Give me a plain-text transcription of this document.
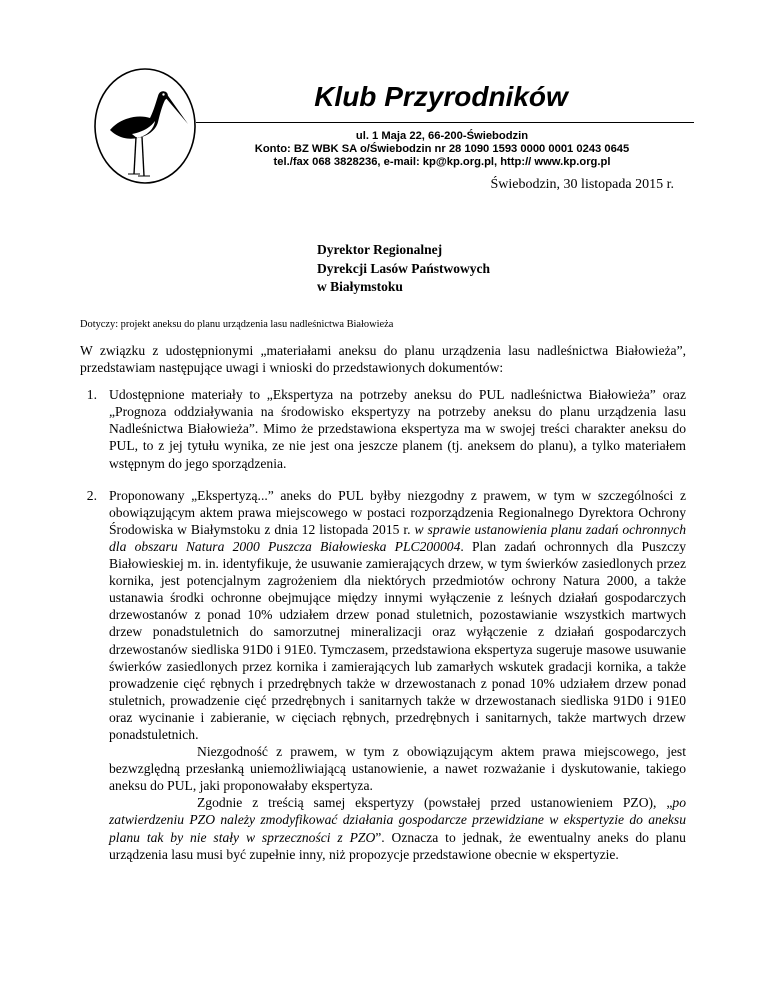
Klub Przyrodników
ul. 1 Maja 22, 66-200-Świebodzin
Konto: BZ WBK SA o/Świebodzin nr 28 1090 1593 0000 0001 0243 0645
tel./fax 068 3828236, e-mail: kp@kp.org.pl, http:// www.kp.org.pl
Świebodzin, 30 listopada 2015 r.
Dyrektor Regionalnej
Dyrekcji Lasów Państwowych
w Białymstoku
Dotyczy: projekt aneksu do planu urządzenia lasu nadleśnictwa Białowieża

W związku z udostępnionymi „materiałami aneksu do planu urządzenia lasu nadleśnictwa Białowieża”, przedstawiam następujące uwagi i wnioski do przedstawionych dokumentów:

1. Udostępnione materiały to „Ekspertyza na potrzeby aneksu do PUL nadleśnictwa Białowieża” oraz „Prognoza oddziaływania na środowisko ekspertyzy na potrzeby aneksu do planu urządzenia lasu Nadleśnictwa Białowieża”. Mimo że przedstawiona ekspertyza ma w swojej treści charakter aneksu do PUL, to z jej tytułu wynika, ze nie jest ona jeszcze planem (tj. aneksem do planu), a tylko materiałem wstępnym do jego sporządzenia.

2. Proponowany „Ekspertyzą...” aneks do PUL byłby niezgodny z prawem, w tym w szczególności z obowiązującym aktem prawa miejscowego w postaci rozporządzenia Regionalnego Dyrektora Ochrony Środowiska w Białymstoku z dnia 12 listopada 2015 r. w sprawie ustanowienia planu zadań ochronnych dla obszaru Natura 2000 Puszcza Białowieska PLC200004. Plan zadań ochronnych dla Puszczy Białowieskiej m. in. identyfikuje, że usuwanie zamierających drzew, w tym świerków zasiedlonych przez kornika, jest potencjalnym zagrożeniem dla niektórych przedmiotów ochrony Natura 2000, a także ustanawia środki ochronne obejmujące między innymi wyłączenie z leśnych działań gospodarczych drzewostanów z ponad 10% udziałem drzew ponad stuletnich, pozostawianie wszystkich martwych drzew ponadstuletnich do samorzutnej mineralizacji oraz wyłączenie z działań gospodarczych drzewostanów siedliska 91D0 i 91E0. Tymczasem, przedstawiona ekspertyza sugeruje masowe usuwanie świerków zasiedlonych przez kornika i zamierających lub zamarłych wskutek gradacji kornika, a także prowadzenie cięć rębnych i przedrębnych także w drzewostanach z ponad 10% udziałem drzew ponad stuletnich, prowadzenie cięć przedrębnych i sanitarnych także w drzewostanach siedliska 91D0 i 91E0 oraz wycinanie i zabieranie, w cięciach rębnych, przedrębnych i sanitarnych, także martwych drzew ponadstuletnich.

Niezgodność z prawem, w tym z obowiązującym aktem prawa miejscowego, jest bezwzględną przesłanką uniemożliwiającą ustanowienie, a nawet rozważanie i dyskutowanie, takiego aneksu do PUL, jaki proponowałaby ekspertyza.

Zgodnie z treścią samej ekspertyzy (powstałej przed ustanowieniem PZO), „po zatwierdzeniu PZO należy zmodyfikować działania gospodarcze przewidziane w ekspertyzie do aneksu planu tak by nie stały w sprzeczności z PZO”. Oznacza to jednak, że ewentualny aneks do planu urządzenia lasu musi być zupełnie inny, niż propozycje przedstawione obecnie w ekspertyzie.
